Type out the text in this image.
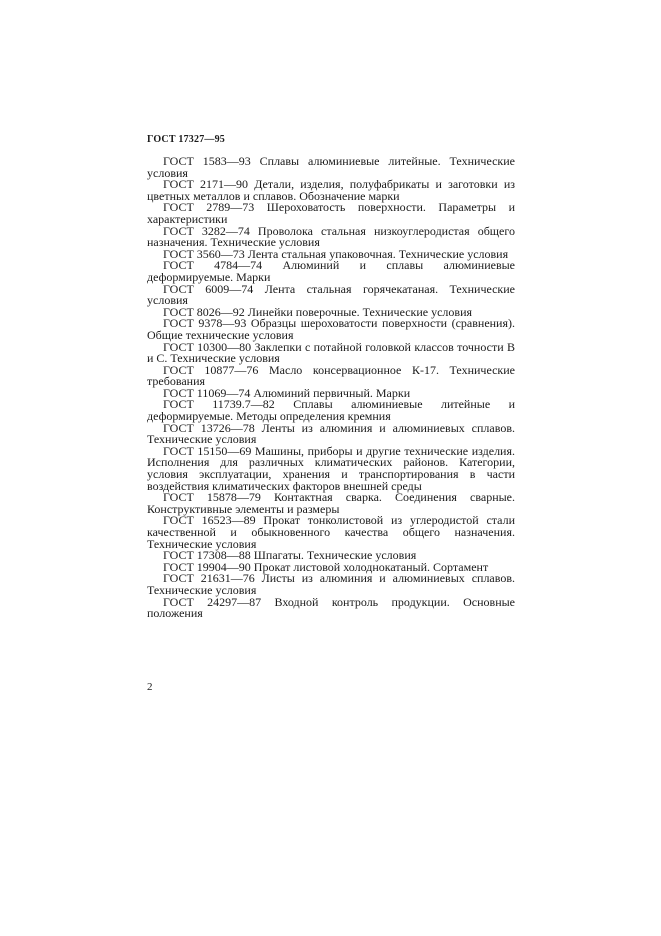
ГОСТ 17327—95
ГОСТ 1583—93 Сплавы алюминиевые литейные. Технические условия
ГОСТ 2171—90 Детали, изделия, полуфабрикаты и заготовки из цветных металлов и сплавов. Обозначение марки
ГОСТ 2789—73 Шероховатость поверхности. Параметры и характеристики
ГОСТ 3282—74 Проволока стальная низкоуглеродистая общего назначения. Технические условия
ГОСТ 3560—73 Лента стальная упаковочная. Технические условия
ГОСТ 4784—74 Алюминий и сплавы алюминиевые деформируемые. Марки
ГОСТ 6009—74 Лента стальная горячекатаная. Технические условия
ГОСТ 8026—92 Линейки поверочные. Технические условия
ГОСТ 9378—93 Образцы шероховатости поверхности (сравнения). Общие технические условия
ГОСТ 10300—80 Заклепки с потайной головкой классов точности В и С. Технические условия
ГОСТ 10877—76 Масло консервационное К-17. Технические требования
ГОСТ 11069—74 Алюминий первичный. Марки
ГОСТ 11739.7—82 Сплавы алюминиевые литейные и деформируемые. Методы определения кремния
ГОСТ 13726—78 Ленты из алюминия и алюминиевых сплавов. Технические условия
ГОСТ 15150—69 Машины, приборы и другие технические изделия. Исполнения для различных климатических районов. Категории, условия эксплуатации, хранения и транспортирования в части воздействия климатических факторов внешней среды
ГОСТ 15878—79 Контактная сварка. Соединения сварные. Конструктивные элементы и размеры
ГОСТ 16523—89 Прокат тонколистовой из углеродистой стали качественной и обыкновенного качества общего назначения. Технические условия
ГОСТ 17308—88 Шпагаты. Технические условия
ГОСТ 19904—90 Прокат листовой холоднокатаный. Сортамент
ГОСТ 21631—76 Листы из алюминия и алюминиевых сплавов. Технические условия
ГОСТ 24297—87 Входной контроль продукции. Основные положения
2
